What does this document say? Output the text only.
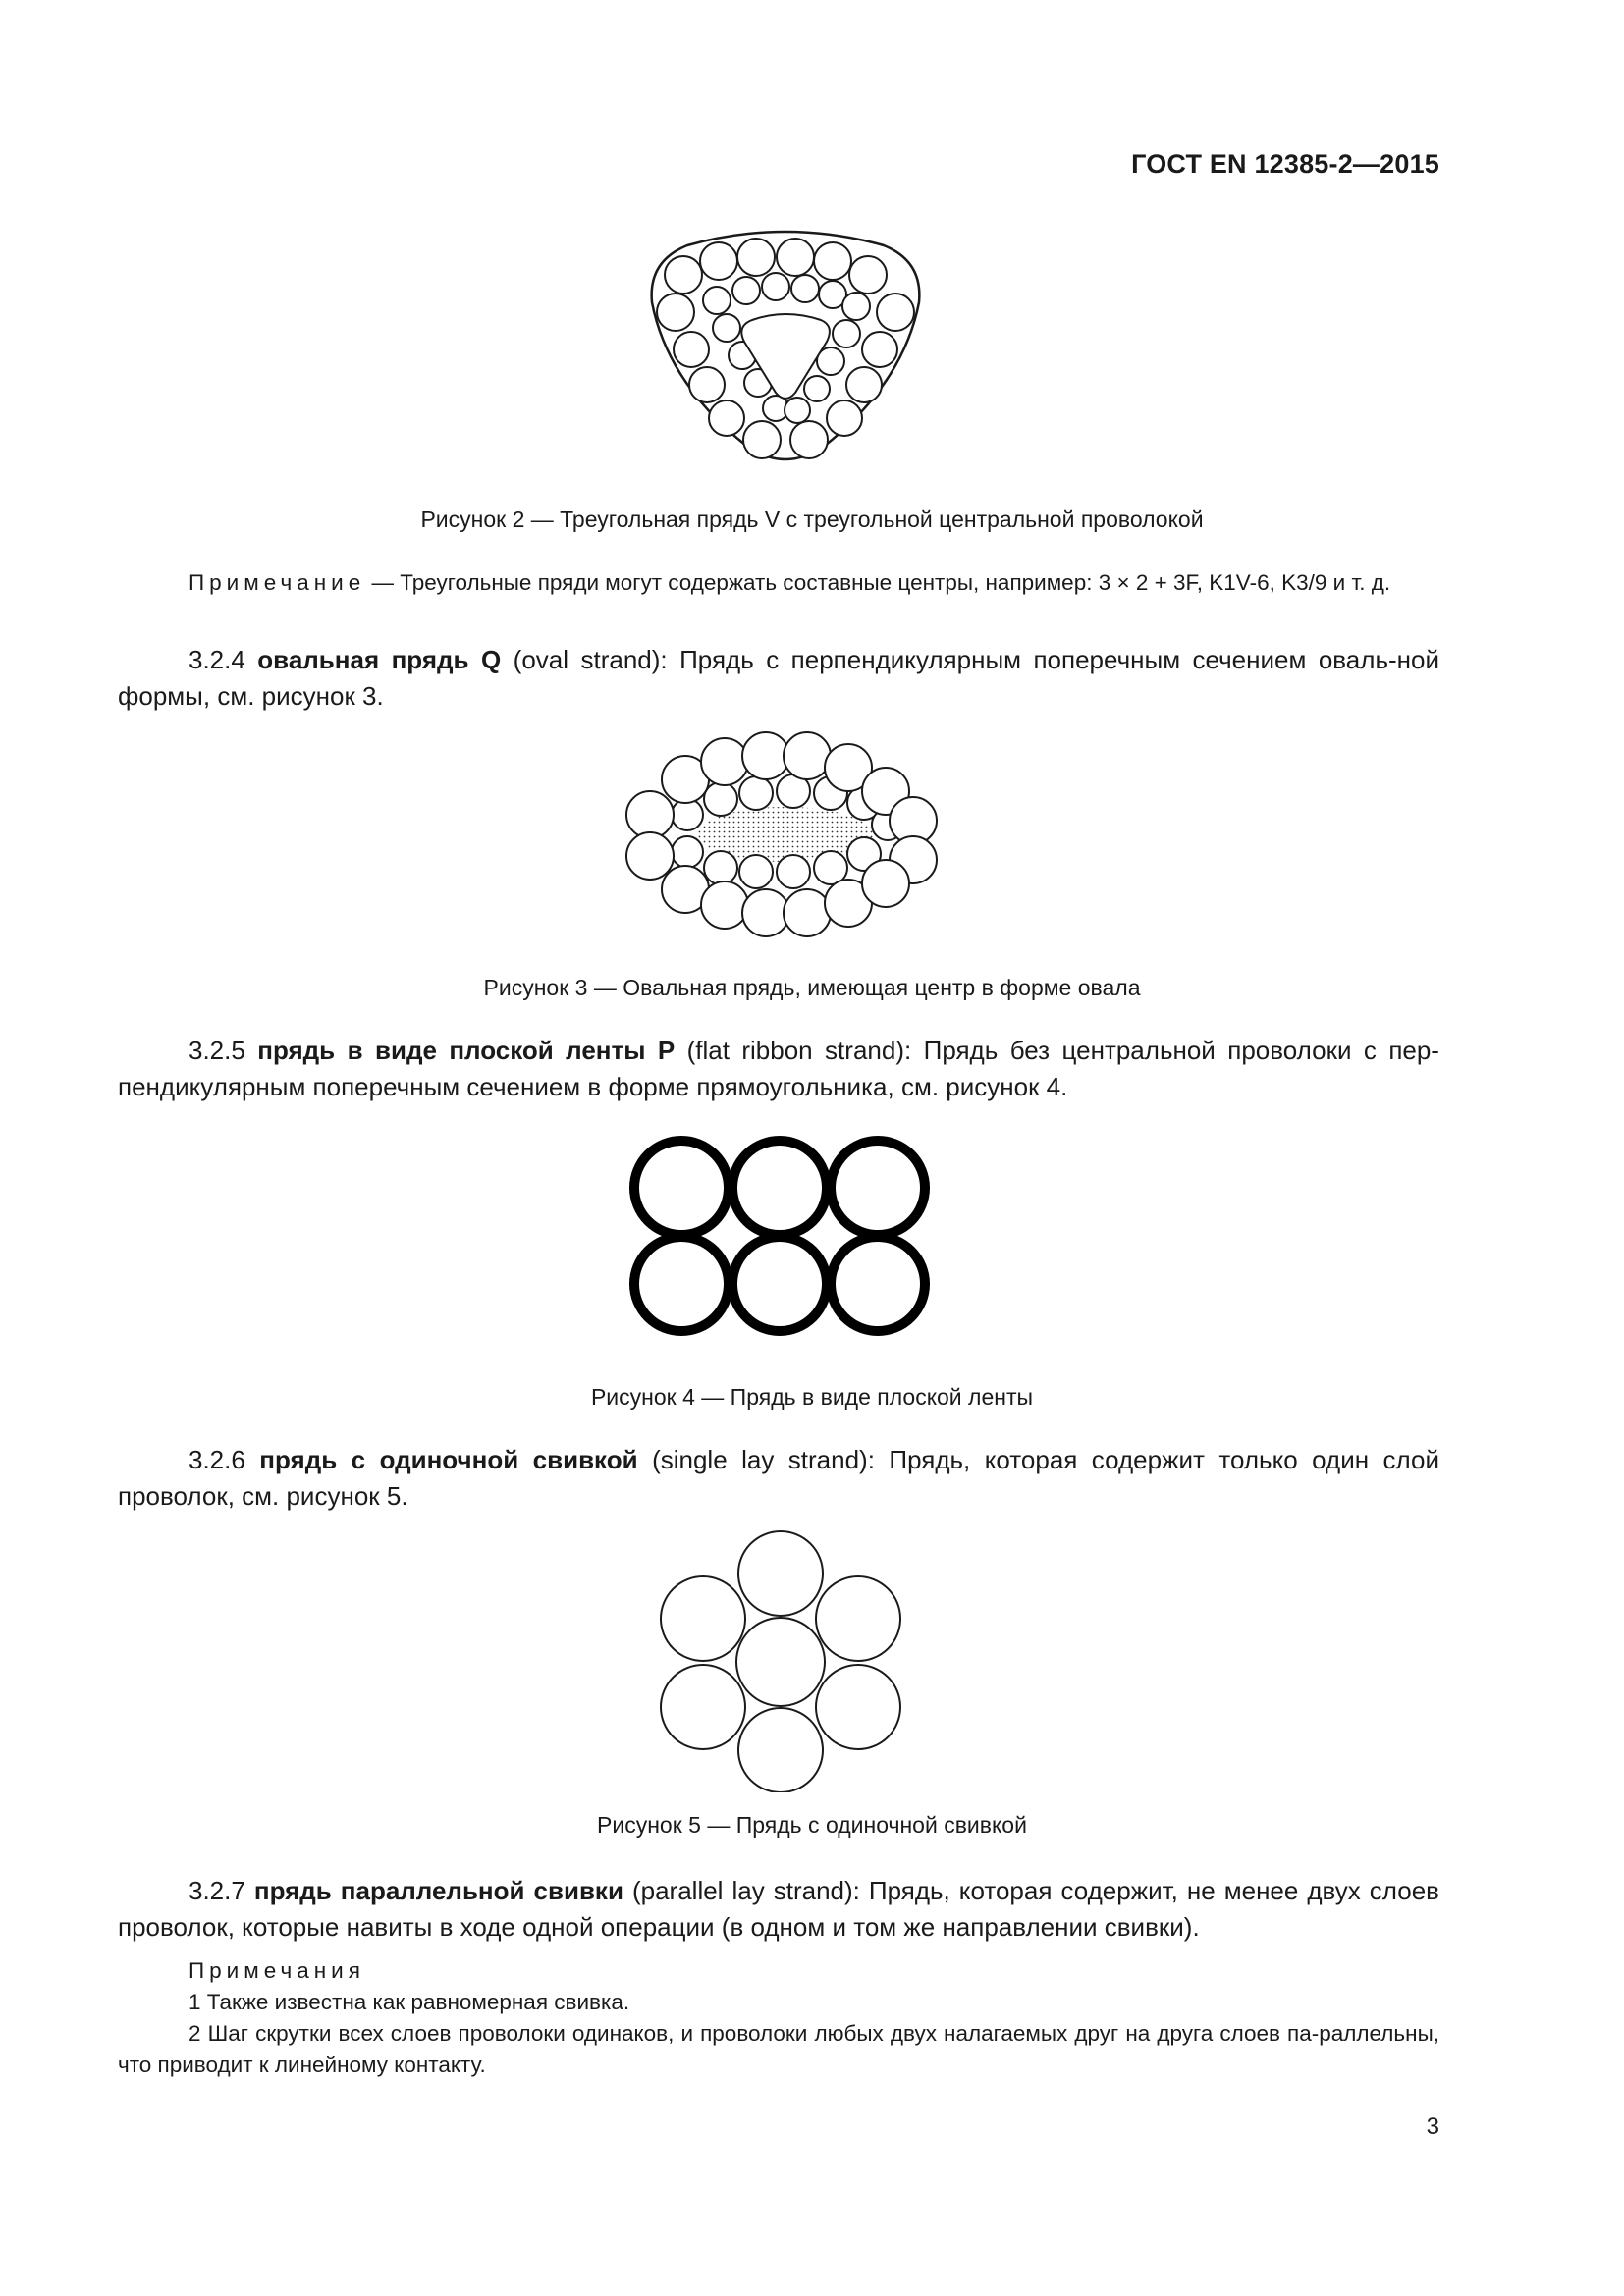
ГОСТ EN 12385-2—2015
Рисунок 2 — Треугольная прядь V с треугольной центральной проволокой
Примечание — Треугольные пряди могут содержать составные центры, например: 3 × 2 + 3F, K1V-6, K3/9 и т. д.
3.2.4 овальная прядь Q (oval strand): Прядь с перпендикулярным поперечным сечением оваль-ной формы, см. рисунок 3.
Рисунок 3 — Овальная прядь, имеющая центр в форме овала
3.2.5 прядь в виде плоской ленты P (flat ribbon strand): Прядь без центральной проволоки с пер-пендикулярным поперечным сечением в форме прямоугольника, см. рисунок 4.
Рисунок 4 — Прядь в виде плоской ленты
3.2.6 прядь с одиночной свивкой (single lay strand): Прядь, которая содержит только один слой проволок, см. рисунок 5.
Рисунок 5 — Прядь с одиночной свивкой
3.2.7 прядь параллельной свивки (parallel lay strand): Прядь, которая содержит, не менее двух слоев проволок, которые навиты в ходе одной операции (в одном и том же направлении свивки).
Примечания
1 Также известна как равномерная свивка.
2 Шаг скрутки всех слоев проволоки одинаков, и проволоки любых двух налагаемых друг на друга слоев па-раллельны, что приводит к линейному контакту.
3
